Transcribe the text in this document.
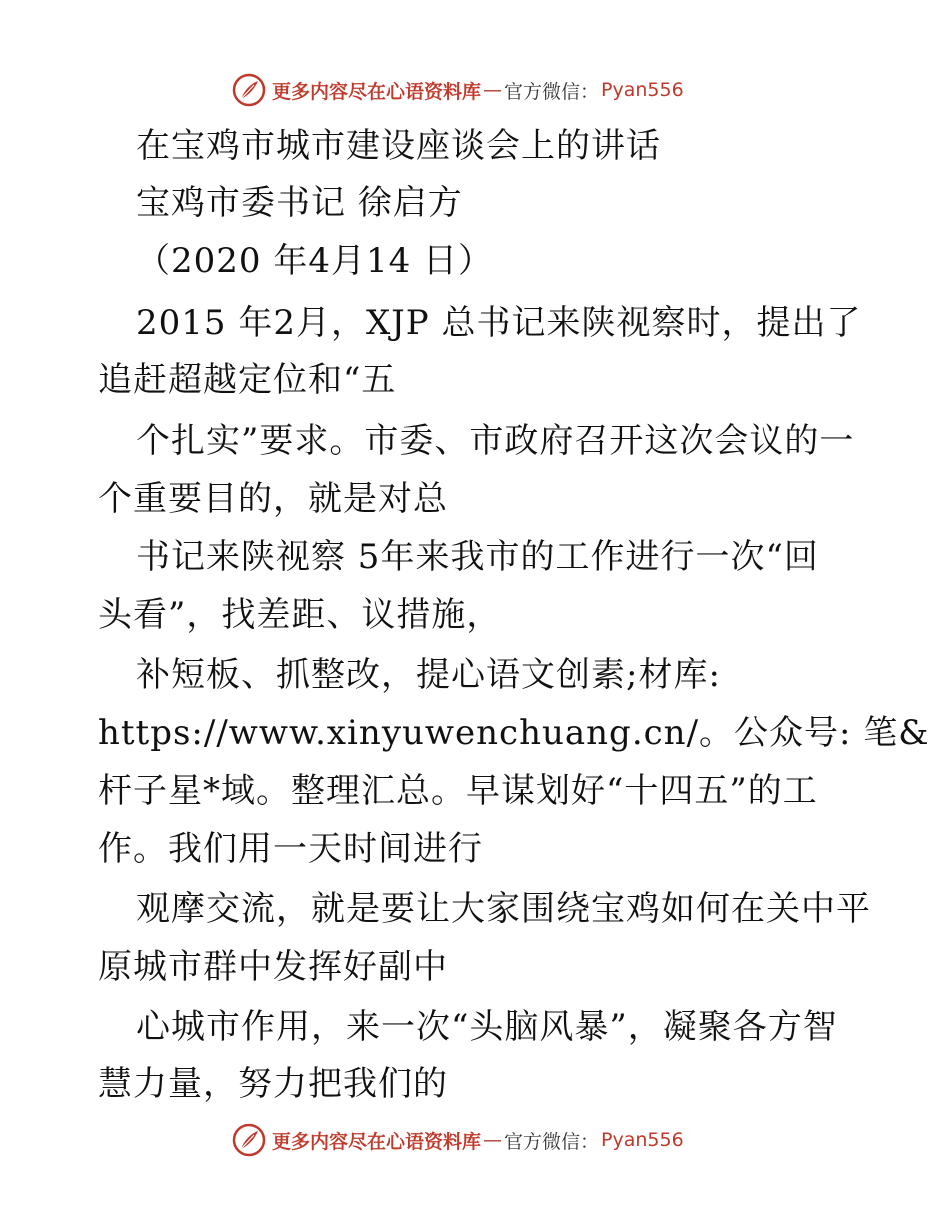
更多内容尽在心语资料库 — 官方微信： Pyan556
在宝鸡市城市建设座谈会上的讲话
宝鸡市委书记 徐启方
（2020 年4月14 日）
2015 年2月，XJP 总书记来陕视察时，提出了
追赶超越定位和“五
个扎实”要求。市委、市政府召开这次会议的一
个重要目的，就是对总
书记来陕视察 5年来我市的工作进行一次“回
头看”，找差距、议措施，
补短板、抓整改，提心语文创素;材库:
https://www.xinyuwenchuang.cn/。公众号: 笔&
杆子星*域。整理汇总。早谋划好“十四五”的工
作。我们用一天时间进行
观摩交流，就是要让大家围绕宝鸡如何在关中平
原城市群中发挥好副中
心城市作用，来一次“头脑风暴”，凝聚各方智
慧力量，努力把我们的
更多内容尽在心语资料库 — 官方微信： Pyan556
